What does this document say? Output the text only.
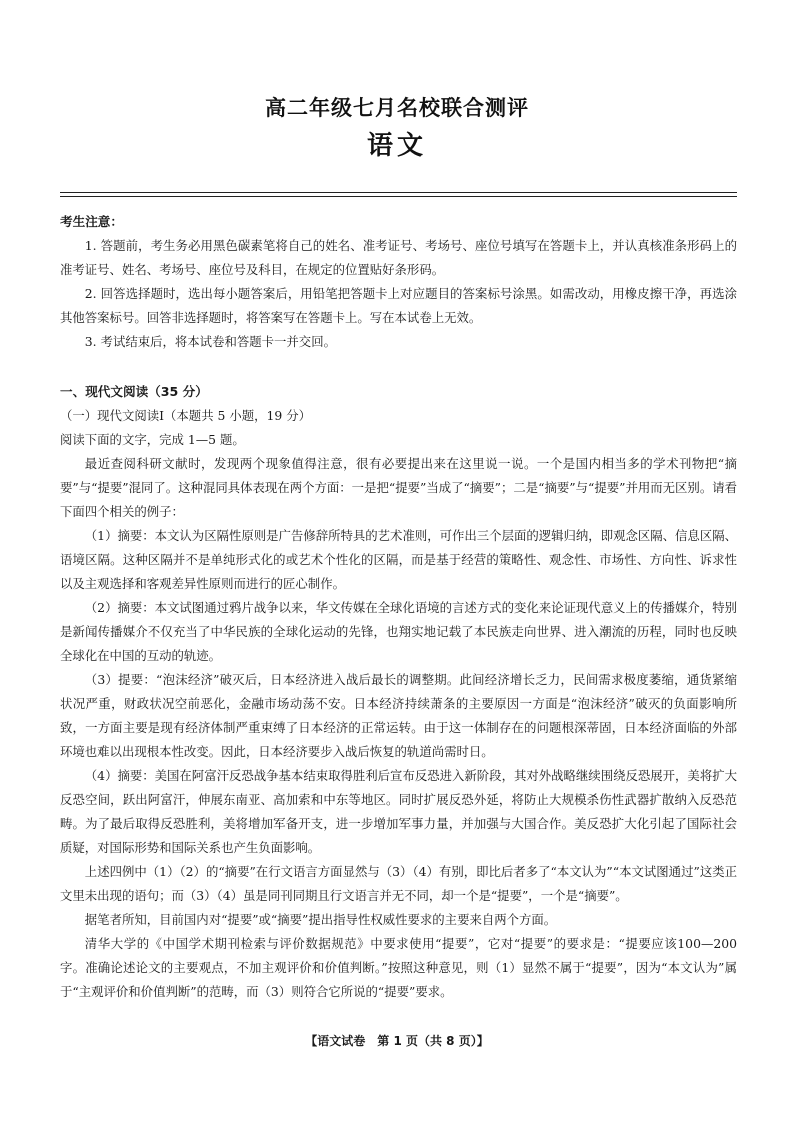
高二年级七月名校联合测评
语文
考生注意：

1. 答题前，考生务必用黑色碳素笔将自己的姓名、准考证号、考场号、座位号填写在答题卡上，并认真核准条形码上的准考证号、姓名、考场号、座位号及科目，在规定的位置贴好条形码。

2. 回答选择题时，选出每小题答案后，用铅笔把答题卡上对应题目的答案标号涂黑。如需改动，用橡皮擦干净，再选涂其他答案标号。回答非选择题时，将答案写在答题卡上。写在本试卷上无效。

3. 考试结束后，将本试卷和答题卡一并交回。

一、现代文阅读（35 分）

（一）现代文阅读Ⅰ（本题共 5 小题，19 分）

阅读下面的文字，完成 1—5 题。

最近查阅科研文献时，发现两个现象值得注意，很有必要提出来在这里说一说。一个是国内相当多的学术刊物把“摘要”与“提要”混同了。这种混同具体表现在两个方面：一是把“提要”当成了“摘要”；二是“摘要”与“提要”并用而无区别。请看下面四个相关的例子：

（1）摘要：本文认为区隔性原则是广告修辞所特具的艺术准则，可作出三个层面的逻辑归纳，即观念区隔、信息区隔、语境区隔。这种区隔并不是单纯形式化的或艺术个性化的区隔，而是基于经营的策略性、观念性、市场性、方向性、诉求性以及主观选择和客观差异性原则而进行的匠心制作。

（2）摘要：本文试图通过鸦片战争以来，华文传媒在全球化语境的言述方式的变化来论证现代意义上的传播媒介，特别是新闻传播媒介不仅充当了中华民族的全球化运动的先锋，也翔实地记载了本民族走向世界、进入潮流的历程，同时也反映全球化在中国的互动的轨迹。

（3）提要：“泡沫经济”破灭后，日本经济进入战后最长的调整期。此间经济增长乏力，民间需求极度萎缩，通货紧缩状况严重，财政状况空前恶化，金融市场动荡不安。日本经济持续萧条的主要原因一方面是“泡沫经济”破灭的负面影响所致，一方面主要是现有经济体制严重束缚了日本经济的正常运转。由于这一体制存在的问题根深蒂固，日本经济面临的外部环境也难以出现根本性改变。因此，日本经济要步入战后恢复的轨道尚需时日。

（4）摘要：美国在阿富汗反恐战争基本结束取得胜利后宣布反恐进入新阶段，其对外战略继续围绕反恐展开，美将扩大反恐空间，跃出阿富汗，伸展东南亚、高加索和中东等地区。同时扩展反恐外延，将防止大规模杀伤性武器扩散纳入反恐范畴。为了最后取得反恐胜利，美将增加军备开支，进一步增加军事力量，并加强与大国合作。美反恐扩大化引起了国际社会质疑，对国际形势和国际关系也产生负面影响。

上述四例中（1）（2）的“摘要”在行文语言方面显然与（3）（4）有别，即比后者多了“本文认为”“本文试图通过”这类正文里未出现的语句；而（3）（4）虽是同刊同期且行文语言并无不同，却一个是“提要”，一个是“摘要”。

据笔者所知，目前国内对“提要”或“摘要”提出指导性权威性要求的主要来自两个方面。

清华大学的《中国学术期刊检索与评价数据规范》中要求使用“提要”，它对“提要”的要求是：“提要应该100—200 字。准确论述论文的主要观点，不加主观评价和价值判断。”按照这种意见，则（1）显然不属于“提要”，因为“本文认为”属于“主观评价和价值判断”的范畴，而（3）则符合它所说的“提要”要求。

【语文试卷　第 1 页（共 8 页）】
